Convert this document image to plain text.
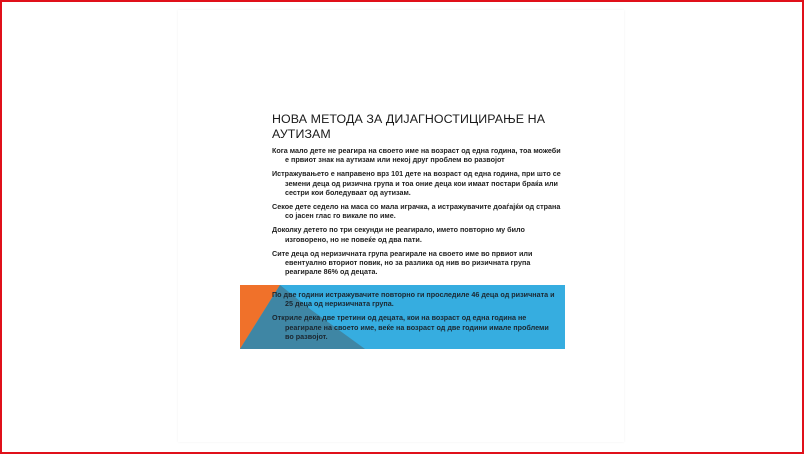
НОВА МЕТОДА ЗА ДИЈАГНОСТИЦИРАЊЕ НА АУТИЗАМ

Кога мало дете не реагира на своето име на возраст од една година, тоа можеби е првиот знак на аутизам или некој друг проблем во развојот

Истражувањето е направено врз 101 дете на возраст од една година, при што се земени деца од ризична група и тоа оние деца кои имаат постари браќа или сестри кои боледуваат од аутизам.

Секое дете седело на маса со мала играчка, а истражувачите доаѓајќи од страна со јасен глас го викале по име.

Доколку детето по три секунди не реагирало, името повторно му било изговорено, но не повеќе од два пати.

Сите деца од неризичната група реагирале на своето име во првиот или евентуално вториот повик, но за разлика од нив во ризичната група реагирале 86% од децата.

По две години истражувачите повторно ги проследиле 46 деца од ризичната и 25 деца од неризичната група.

Откриле дека две третини од децата, кои на возраст од една година не реагирале на своето име, веќе на возраст од две години имале проблеми во развојот.
